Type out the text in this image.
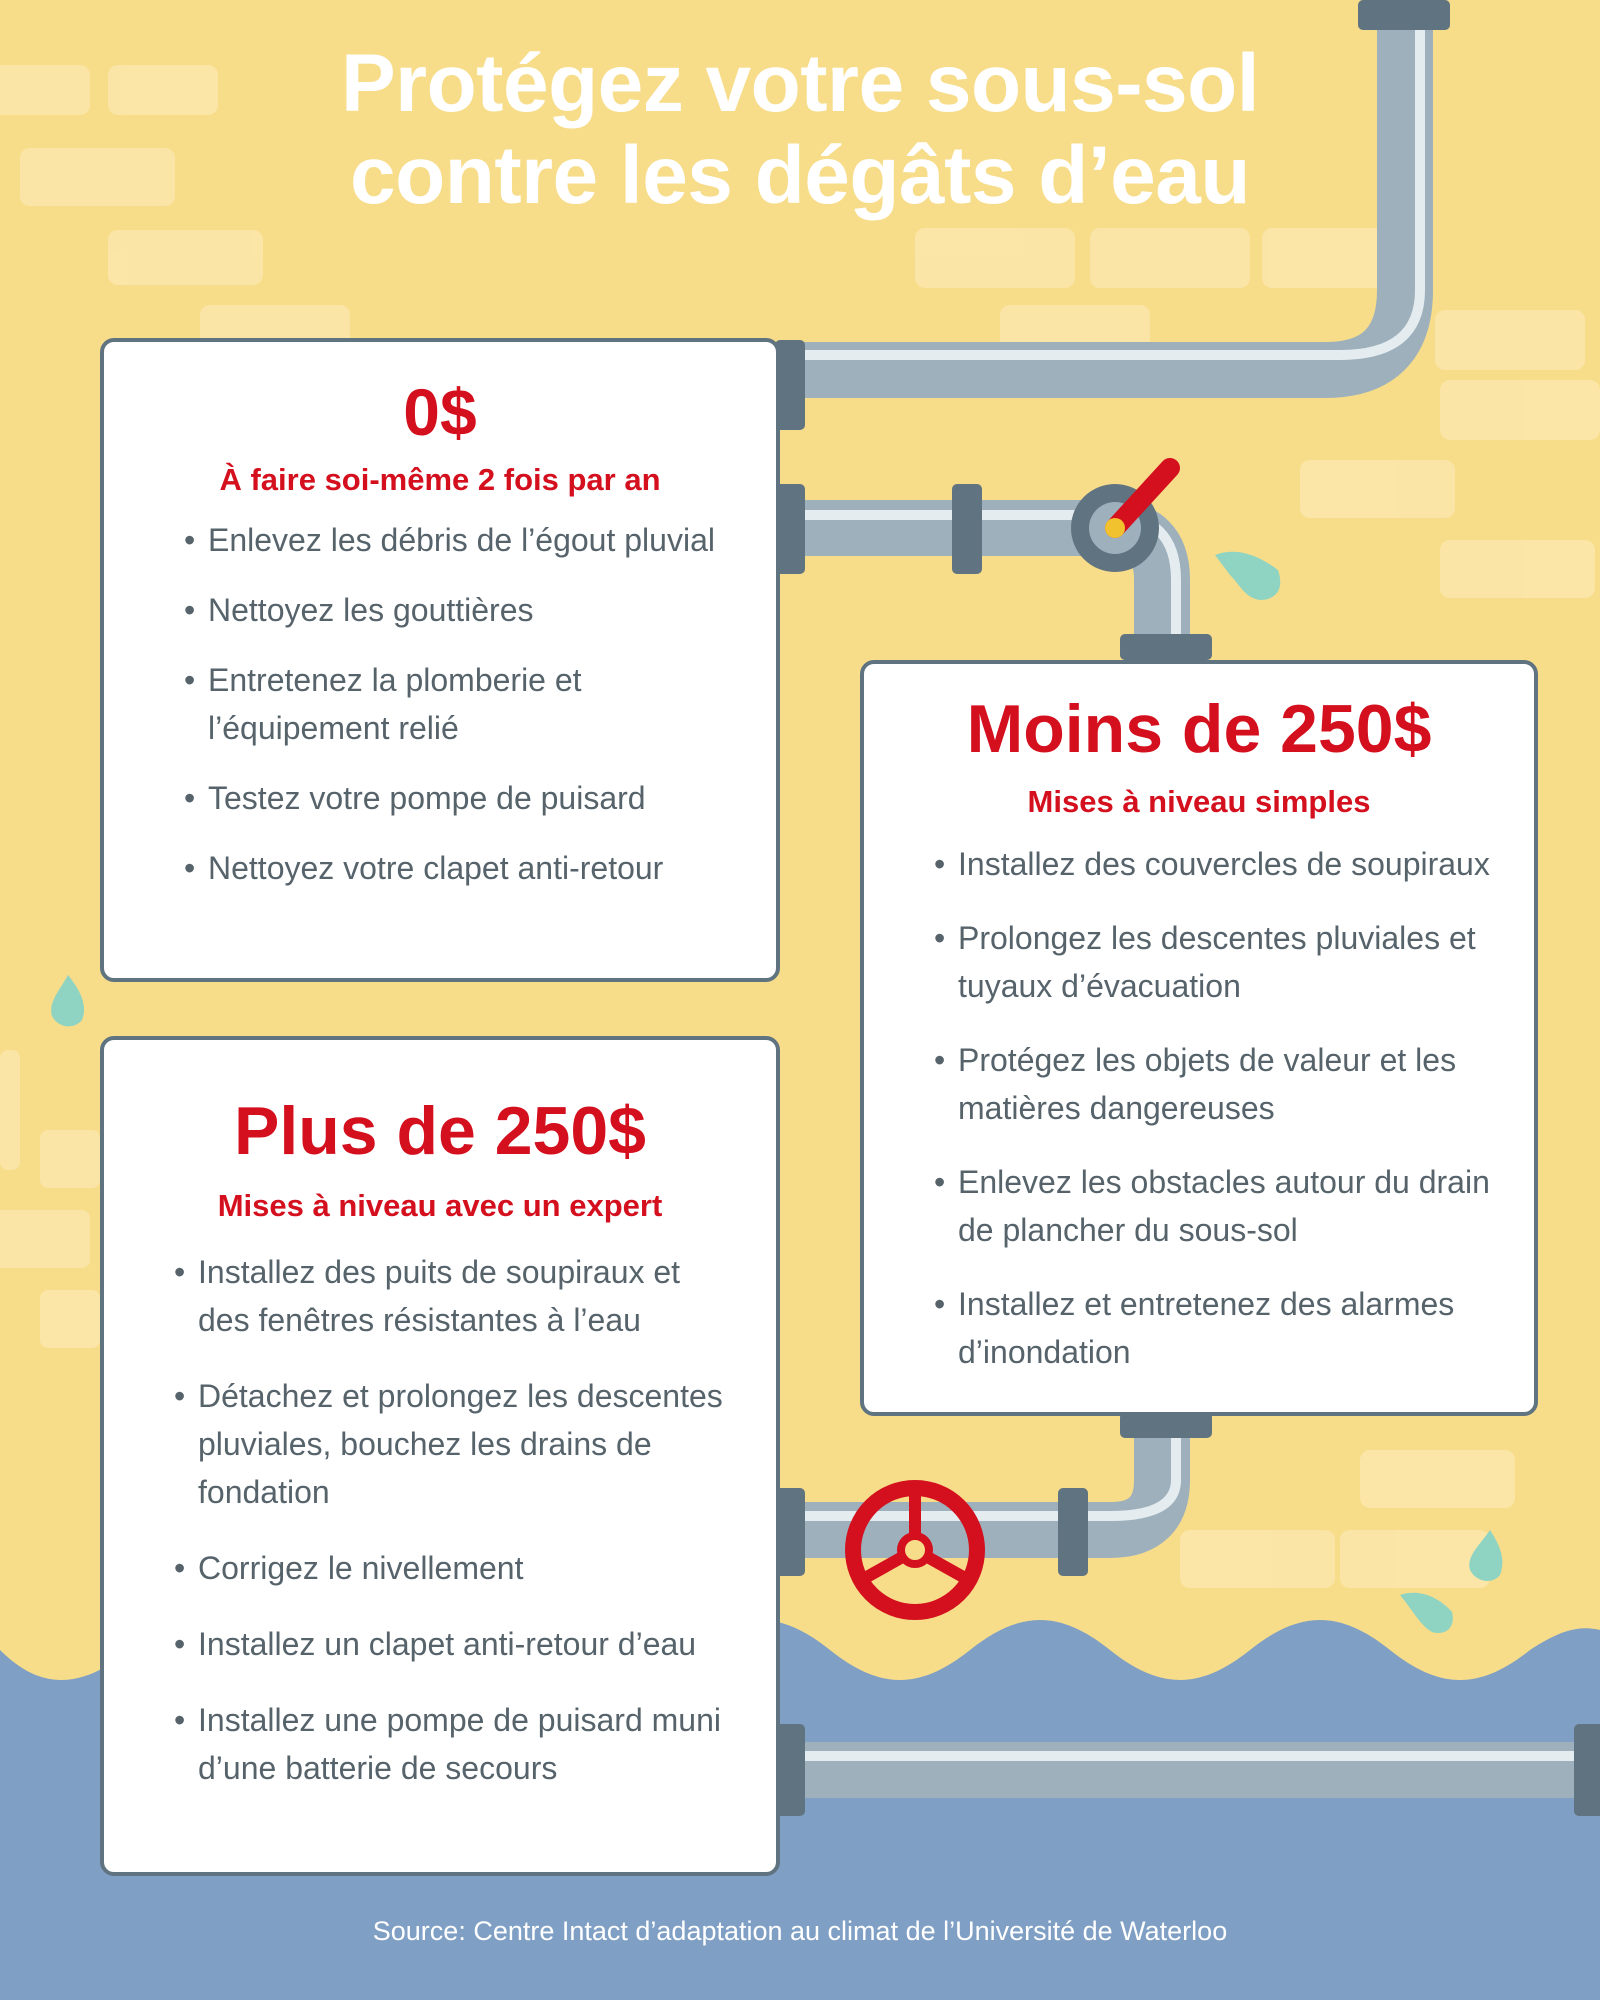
Protégez votre sous-sol
contre les dégâts d’eau
0$
À faire soi-même 2 fois par an
• Enlevez les débris de l’égout pluvial
• Nettoyez les gouttières
• Entretenez la plomberie et l’équipement relié
• Testez votre pompe de puisard
• Nettoyez votre clapet anti-retour
Moins de 250$
Mises à niveau simples
• Installez des couvercles de soupiraux
• Prolongez les descentes pluviales et tuyaux d’évacuation
• Protégez les objets de valeur et les matières dangereuses
• Enlevez les obstacles autour du drain de plancher du sous-sol
• Installez et entretenez des alarmes d’inondation
Plus de 250$
Mises à niveau avec un expert
• Installez des puits de soupiraux et des fenêtres résistantes à l’eau
• Détachez et prolongez les descentes pluviales, bouchez les drains de fondation
• Corrigez le nivellement
• Installez un clapet anti-retour d’eau
• Installez une pompe de puisard muni d’une batterie de secours
Source: Centre Intact d’adaptation au climat de l’Université de Waterloo
